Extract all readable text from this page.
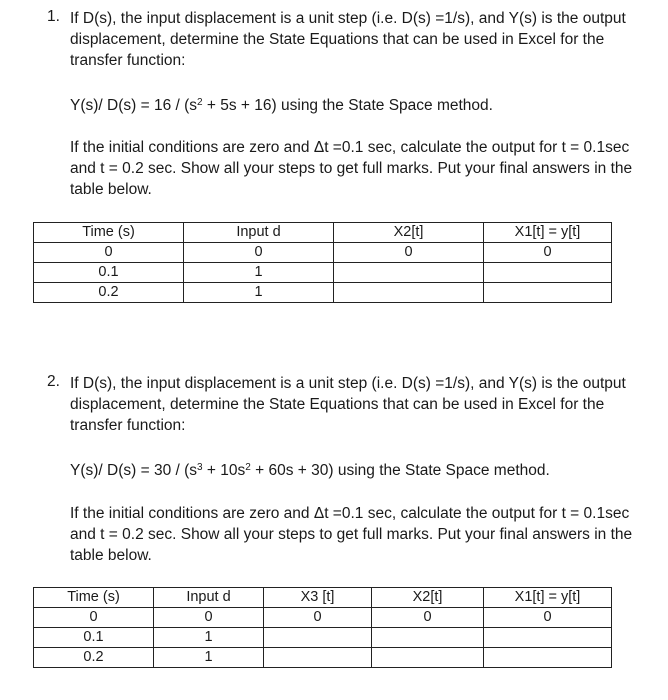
1. If D(s), the input displacement is a unit step (i.e. D(s) =1/s), and Y(s) is the output displacement, determine the State Equations that can be used in Excel for the transfer function:
Y(s)/ $D(s) = 16 / (s^2 + 5s + 16)$ using the State Space method.
If the initial conditions are zero and Δt =0.1 sec, calculate the output for t = 0.1sec and t = 0.2 sec. Show all your steps to get full marks. Put your final answers in the table below.
Time (s)	Input d	X2[t]	X1[t] = y[t]
0	0	0	0
0.1	1		
0.2	1		
2. If D(s), the input displacement is a unit step (i.e. D(s) =1/s), and Y(s) is the output displacement, determine the State Equations that can be used in Excel for the transfer function:
Y(s)/ $D(s) = 30 / (s^3 + 10s^2 + 60s + 30)$ using the State Space method.
If the initial conditions are zero and Δt =0.1 sec, calculate the output for t = 0.1sec and t = 0.2 sec. Show all your steps to get full marks. Put your final answers in the table below.
Time (s)	Input d	X3 [t]	X2[t]	X1[t] = y[t]
0	0	0	0	0
0.1	1			
0.2	1			
